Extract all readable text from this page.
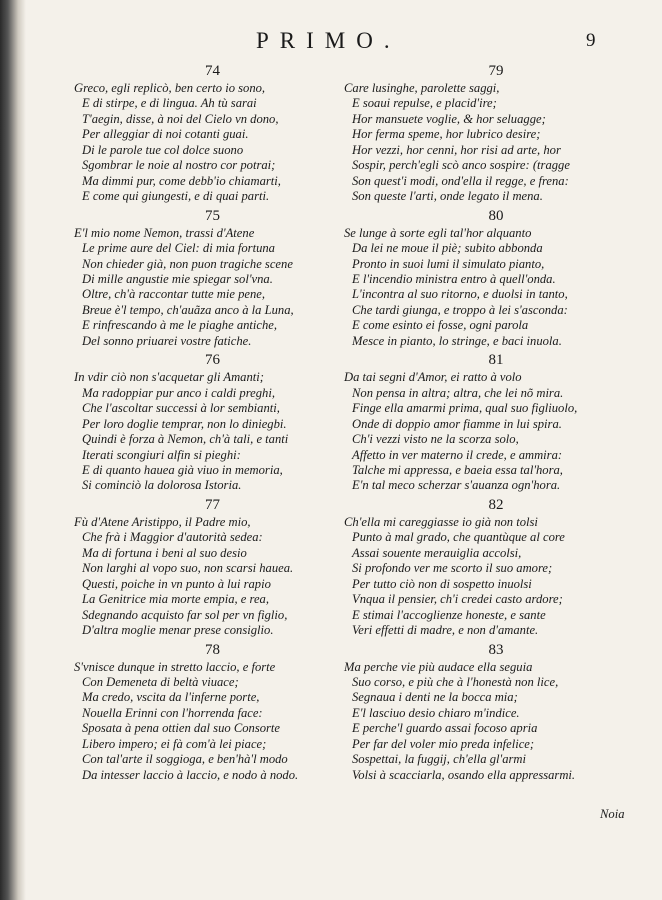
PRIMO.	9
74
Greco, egli replicò, ben certo io sono,
E di stirpe, e di lingua. Ah tù sarai
T'aegin, disse, à noi del Cielo vn dono,
Per alleggiar di noi cotanti guai.
Di le parole tue col dolce suono
Sgombrar le noie al nostro cor potrai;
Ma dimmi pur, come debb'io chiamarti,
E come qui giungesti, e di quai parti.
75
E'l mio nome Nemon, trassi d'Atene
Le prime aure del Ciel: di mia fortuna
Non chieder già, non puon tragiche scene
Di mille angustie mie spiegar sol'vna.
Oltre, ch'à raccontar tutte mie pene,
Breue è'l tempo, ch'auãza anco à la Luna,
E rinfrescando à me le piaghe antiche,
Del sonno priuarei vostre fatiche.
76
In vdir ciò non s'acquetar gli Amanti;
Ma radoppiar pur anco i caldi preghi,
Che l'ascoltar successi à lor sembianti,
Per loro doglie temprar, non lo diniegbi.
Quindi è forza à Nemon, ch'à tali, e tanti
Iterati scongiuri alfin si pieghi:
E di quanto hauea già viuo in memoria,
Si cominciò la dolorosa Istoria.
77
Fù d'Atene Aristippo, il Padre mio,
Che frà i Maggior d'autorità sedea:
Ma di fortuna i beni al suo desio
Non larghi al vopo suo, non scarsi hauea.
Questi, poiche in vn punto à lui rapio
La Genitrice mia morte empia, e rea,
Sdegnando acquisto far sol per vn figlio,
D'altra moglie menar prese consiglio.
78
S'vnisce dunque in stretto laccio, e forte
Con Demeneta di beltà viuace;
Ma credo, vscita da l'inferne porte,
Nouella Erinni con l'horrenda face:
Sposata à pena ottien dal suo Consorte
Libero impero; ei fà com'à lei piace;
Con tal'arte il soggioga, e ben'hà'l modo
Da intesser laccio à laccio, e nodo à nodo.
79
Care lusinghe, parolette saggi,
E soaui repulse, e placid'ire;
Hor mansuete voglie, & hor seluagge;
Hor ferma speme, hor lubrico desire;
Hor vezzi, hor cenni, hor risi ad arte, hor
Sospir, perch'egli scò anco sospire: (tragge
Son quest'i modi, ond'ella il regge, e frena:
Son queste l'arti, onde legato il mena.
80
Se lunge à sorte egli tal'hor alquanto
Da lei ne moue il piè; subito abbonda
Pronto in suoi lumi il simulato pianto,
E l'incendio ministra entro à quell'onda.
L'incontra al suo ritorno, e duolsi in tanto,
Che tardi giunga, e troppo à lei s'asconda:
E come esinto ei fosse, ogni parola
Mesce in pianto, lo stringe, e baci inuola.
81
Da tai segni d'Amor, ei ratto à volo
Non pensa in altra; altra, che lei nõ mira.
Finge ella amarmi prima, qual suo figliuolo,
Onde di doppio amor fiamme in lui spira.
Ch'i vezzi visto ne la scorza solo,
Affetto in ver materno il crede, e ammira:
Talche mi appressa, e baeia essa tal'hora,
E'n tal meco scherzar s'auanza ogn'hora.
82
Ch'ella mi careggiasse io già non tolsi
Punto à mal grado, che quantùque al core
Assai souente merauiglia accolsi,
Si profondo ver me scorto il suo amore;
Per tutto ciò non di sospetto inuolsi
Vnqua il pensier, ch'i credei casto ardore;
E stimai l'accoglienze honeste, e sante
Veri effetti di madre, e non d'amante.
83
Ma perche vie più audace ella seguia
Suo corso, e più che à l'honestà non lice,
Segnaua i denti ne la bocca mia;
E'l lasciuo desio chiaro m'indice.
E perche'l guardo assai focoso apria
Per far del voler mio preda infelice;
Sospettai, la fuggij, ch'ella gl'armi
Volsi à scacciarla, osando ella appressarmi.
Noia
